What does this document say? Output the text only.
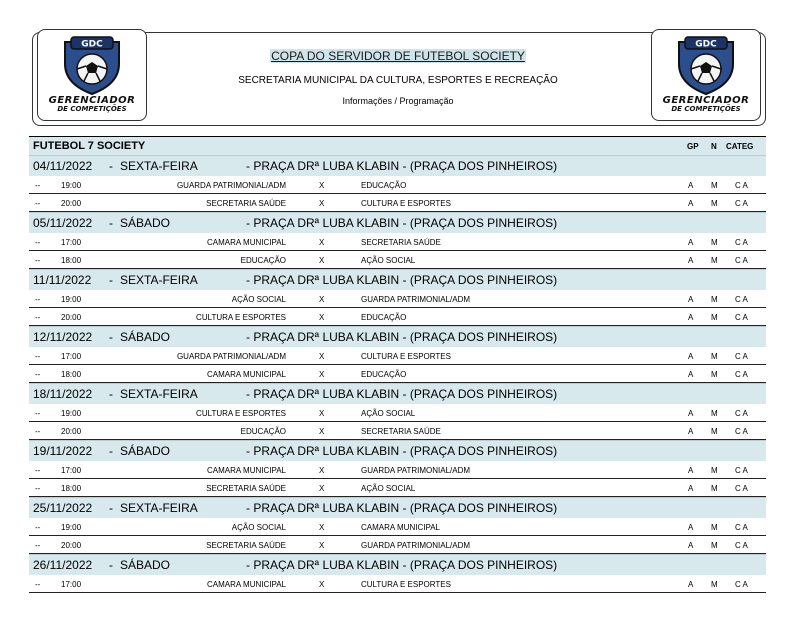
GDC
GERENCIADOR
DE COMPETIÇÕES
COPA DO SERVIDOR DE FUTEBOL SOCIETY
SECRETARIA MUNICIPAL DA CULTURA, ESPORTES E RECREAÇÃO
Informações / Programação
GDC
GERENCIADOR
DE COMPETIÇÕES
FUTEBOL 7 SOCIETY	GP N CATEG
04/11/2022 - SEXTA-FEIRA	- PRAÇA DRª LUBA KLABIN - (PRAÇA DOS PINHEIROS)
--	19:00	GUARDA PATRIMONIAL/ADM	X	EDUCAÇÃO	A M C A
--	20:00	SECRETARIA SAÚDE	X	CULTURA E ESPORTES	A M C A
05/11/2022 - SÁBADO	- PRAÇA DRª LUBA KLABIN - (PRAÇA DOS PINHEIROS)
--	17:00	CAMARA MUNICIPAL	X	SECRETARIA SAÚDE	A M C A
--	18:00	EDUCAÇÃO	X	AÇÃO SOCIAL	A M C A
11/11/2022 - SEXTA-FEIRA	- PRAÇA DRª LUBA KLABIN - (PRAÇA DOS PINHEIROS)
--	19:00	AÇÃO SOCIAL	X	GUARDA PATRIMONIAL/ADM	A M C A
--	20:00	CULTURA E ESPORTES	X	EDUCAÇÃO	A M C A
12/11/2022 - SÁBADO	- PRAÇA DRª LUBA KLABIN - (PRAÇA DOS PINHEIROS)
--	17:00	GUARDA PATRIMONIAL/ADM	X	CULTURA E ESPORTES	A M C A
--	18:00	CAMARA MUNICIPAL	X	EDUCAÇÃO	A M C A
18/11/2022 - SEXTA-FEIRA	- PRAÇA DRª LUBA KLABIN - (PRAÇA DOS PINHEIROS)
--	19:00	CULTURA E ESPORTES	X	AÇÃO SOCIAL	A M C A
--	20:00	EDUCAÇÃO	X	SECRETARIA SAÚDE	A M C A
19/11/2022 - SÁBADO	- PRAÇA DRª LUBA KLABIN - (PRAÇA DOS PINHEIROS)
--	17:00	CAMARA MUNICIPAL	X	GUARDA PATRIMONIAL/ADM	A M C A
--	18:00	SECRETARIA SAÚDE	X	AÇÃO SOCIAL	A M C A
25/11/2022 - SEXTA-FEIRA	- PRAÇA DRª LUBA KLABIN - (PRAÇA DOS PINHEIROS)
--	19:00	AÇÃO SOCIAL	X	CAMARA MUNICIPAL	A M C A
--	20:00	SECRETARIA SAÚDE	X	GUARDA PATRIMONIAL/ADM	A M C A
26/11/2022 - SÁBADO	- PRAÇA DRª LUBA KLABIN - (PRAÇA DOS PINHEIROS)
--	17:00	CAMARA MUNICIPAL	X	CULTURA E ESPORTES	A M C A
